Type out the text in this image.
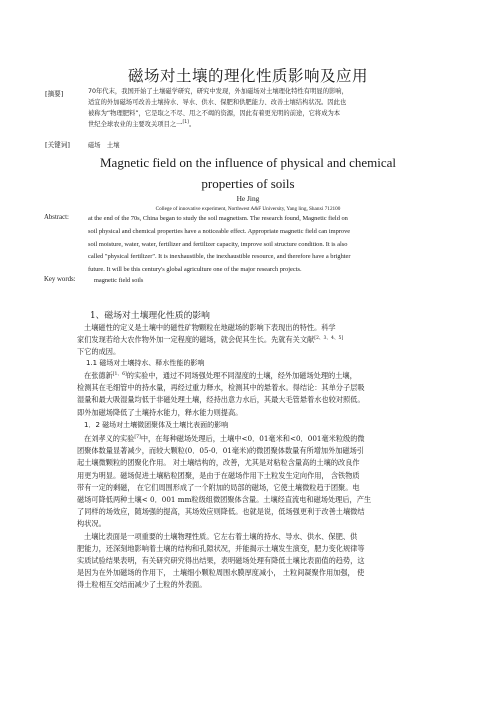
磁场对土壤的理化性质影响及应用
[摘要]	70年代末，我国开始了土壤磁学研究，研究中发现，外加磁场对土壤理化特性有明显的影响，
适宜的外加磁场可改善土壤持水、导水、供水、保肥和供肥能力、改善土壤结构状况。因此也
被称为“物理肥料”，它是取之不尽、用之不竭的资源，因此有着更光明的前途，它将成为本
世纪全球农业的主要攻关项目之一[1]。
[关键词]	磁场　土壤
Magnetic field on the influence of physical and chemical
properties of soils
He Jing
College of innovative experiment, Northwest A&F University, Yang ling, Shanxi 712100
Abstract:	at the end of the 70s, China began to study the soil magnetism. The research found, Magnetic field on
soil physical and chemical properties have a noticeable effect. Appropriate magnetic field can improve
soil moisture, water, water, fertilizer and fertilizer capacity, improve soil structure condition. It is also
called "physical fertilizer". It is inexhaustible, the inexhaustible resource, and therefore have a brighter
future. It will be this century's global agriculture one of the major research projects.
Key words:	magnetic field soils
1、磁场对土壤理化性质的影响
土壤磁性的定义是土壤中的磁性矿物颗粒在地磁场的影响下表现出的特性。科学
家们发现若给大农作物外加一定程度的磁场，就会促其生长。先就有关文献[2、3、4、5]
下它的成因。
1.1 磁场对土壤持水、释水性能的影响
在张德新[1、6]的实验中，通过不同场强处理不同湿度的土壤，经外加磁场处理的土壤，
检测其在毛细管中的持水量，再经过重力释水，检测其中的悬着水。得结论：其单分子层吸
湿量和最大吸湿量均低于非磁处理土壤，经持出意力水后，其最大毛管悬着水也较对照低。
即外加磁场降低了土壤持水能力，释水能力则提高。
1．2 磁场对土壤微团聚体及土壤比表面的影响
在刘孝义的实验[7]中，在每种磁场处理后，土壤中<0．01毫米和<0．001毫米粒级的微
团聚体数量显著减少，而较大颗粒(0．05-0．01毫米)的微团聚体数量有所增加外加磁场引
起土壤微颗粒的团聚化作用。 对土壤结构的，改善，尤其是对粘粒含量高的土壤的改良作
用更为明显。磁场促进土壤粘粒团聚，是由于在磁场作用下土粒发生定向作用， 含铁物质
带有一定的剩磁， 在它们周围形成了一个附加的局部的磁场，它使土壤微粒趋于团聚。电
磁场可降低两种土壤< 0．001 mm粒级组微团聚体含量。土壤经直流电和磁场处理后，产生
了同样的场效应，随场强的提高，其场效应则降低。也就是说，低场强更利于改善土壤微结
构状况。
土壤比表面是一项重要的土壤物理性质。它左右着土壤的持水、导水、供水、保肥、供
肥能力，还深刻地影响着土壤的结构和孔隙状况，并能揭示土壤发生演变，肥力变化规律等
实质试验结果表明，有关研究研究得出结果，表明磁场处理有降低土壤比表面值的趋势，这
是因为在外加磁场的作用下， 土壤细小颗粒周围水膜厚度减小， 土粒间凝聚作用加强， 使
得土粒相互交结而减少了土粒的外表面。
